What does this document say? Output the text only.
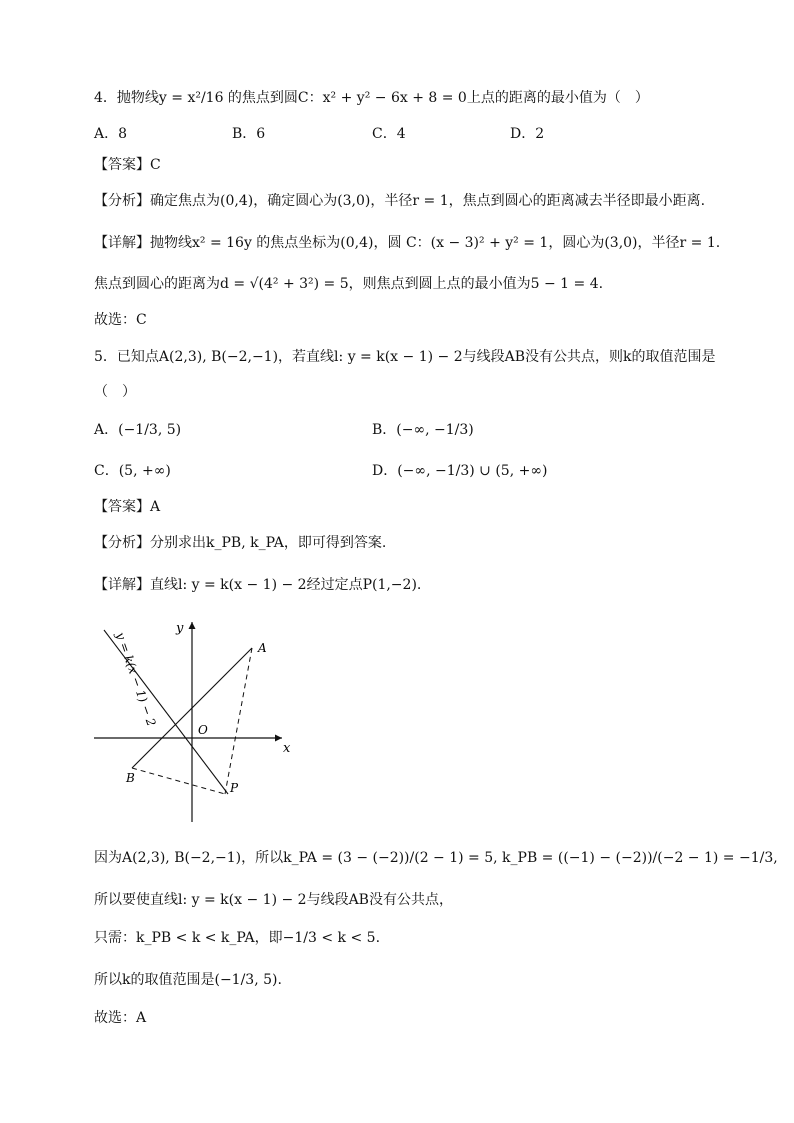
4．抛物线y = x²/16 的焦点到圆C：x² + y² − 6x + 8 = 0上点的距离的最小值为（　）
A．8	B．6	C．4	D．2
【答案】C
【分析】确定焦点为(0,4)，确定圆心为(3,0)，半径r = 1，焦点到圆心的距离减去半径即最小距离.
【详解】抛物线x² = 16y 的焦点坐标为(0,4)，圆 C：(x − 3)² + y² = 1，圆心为(3,0)，半径r = 1.
焦点到圆心的距离为d = √(4² + 3²) = 5，则焦点到圆上点的最小值为5 − 1 = 4.
故选：C
5．已知点A(2,3), B(−2,−1)，若直线l: y = k(x − 1) − 2与线段AB没有公共点，则k的取值范围是
（　）
A．(−1/3, 5)	B．(−∞, −1/3)
C．(5, +∞)	D．(−∞, −1/3) ∪ (5, +∞)
【答案】A
【分析】分别求出k_PB, k_PA，即可得到答案.
【详解】直线l: y = k(x − 1) − 2经过定点P(1,−2).
y
x
O
A
B
P
y = k(x − 1) − 2
因为A(2,3), B(−2,−1)，所以k_PA = (3 − (−2))/(2 − 1) = 5, k_PB = ((−1) − (−2))/(−2 − 1) = −1/3,
所以要使直线l: y = k(x − 1) − 2与线段AB没有公共点，
只需：k_PB < k < k_PA，即−1/3 < k < 5.
所以k的取值范围是(−1/3, 5).
故选：A
